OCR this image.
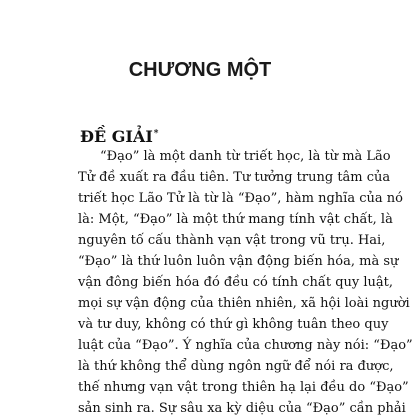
CHƯƠNG MỘT
ĐỀ GIẢI*
“Đạo” là một danh từ triết học, là từ mà Lão
Tử đề xuất ra đầu tiên. Tư tưởng trung tâm của
triết học Lão Tử là từ là “Đạo”, hàm nghĩa của nó
là: Một, “Đạo” là một thứ mang tính vật chất, là
nguyên tố cấu thành vạn vật trong vũ trụ. Hai,
“Đạo” là thứ luôn luôn vận động biến hóa, mà sự
vận đông biến hóa đó đều có tính chất quy luật,
mọi sự vận động của thiên nhiên, xã hội loài người
và tư duy, không có thứ gì không tuân theo quy
luật của “Đạo”. Ý nghĩa của chương này nói: “Đạo”
là thứ không thể dùng ngôn ngữ để nói ra được,
thế nhưng vạn vật trong thiên hạ lại đều do “Đạo”
sản sinh ra. Sự sâu xa kỳ diệu của “Đạo” cần phải
